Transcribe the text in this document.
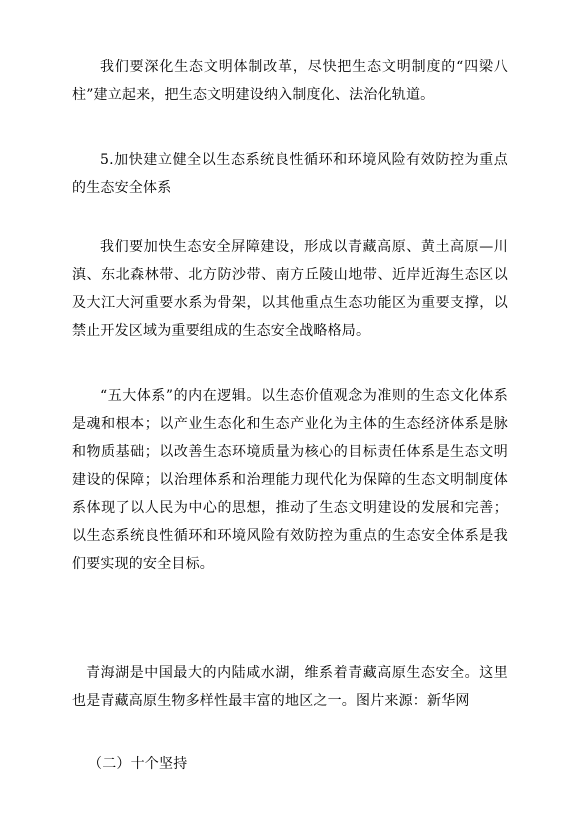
我们要深化生态文明体制改革，尽快把生态文明制度的“四梁八柱”建立起来，把生态文明建设纳入制度化、法治化轨道。

5.加快建立健全以生态系统良性循环和环境风险有效防控为重点的生态安全体系

我们要加快生态安全屏障建设，形成以青藏高原、黄土高原—川滇、东北森林带、北方防沙带、南方丘陵山地带、近岸近海生态区以及大江大河重要水系为骨架，以其他重点生态功能区为重要支撑，以禁止开发区域为重要组成的生态安全战略格局。

“五大体系”的内在逻辑。以生态价值观念为准则的生态文化体系是魂和根本；以产业生态化和生态产业化为主体的生态经济体系是脉和物质基础；以改善生态环境质量为核心的目标责任体系是生态文明建设的保障；以治理体系和治理能力现代化为保障的生态文明制度体系体现了以人民为中心的思想，推动了生态文明建设的发展和完善；以生态系统良性循环和环境风险有效防控为重点的生态安全体系是我们要实现的安全目标。

青海湖是中国最大的内陆咸水湖，维系着青藏高原生态安全。这里也是青藏高原生物多样性最丰富的地区之一。图片来源：新华网

（二）十个坚持
